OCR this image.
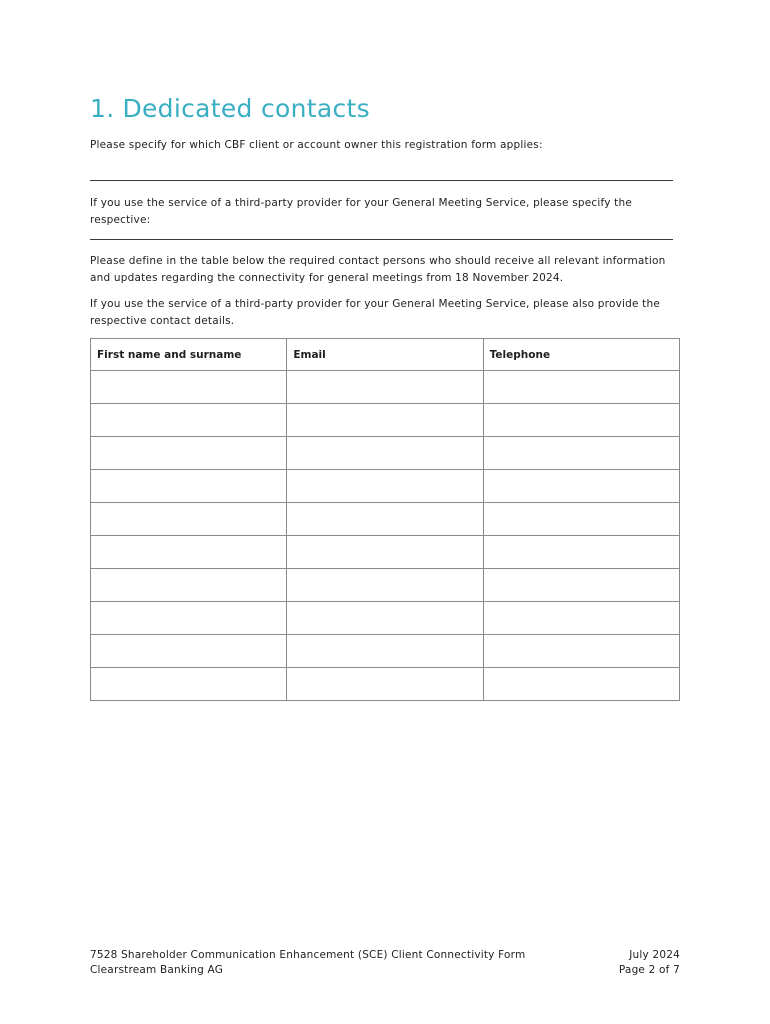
1. Dedicated contacts

Please specify for which CBF client or account owner this registration form applies:

If you use the service of a third-party provider for your General Meeting Service, please specify the respective:

Please define in the table below the required contact persons who should receive all relevant information and updates regarding the connectivity for general meetings from 18 November 2024.

If you use the service of a third-party provider for your General Meeting Service, please also provide the respective contact details.

First name and surname	Email	Telephone

7528 Shareholder Communication Enhancement (SCE) Client Connectivity Form
Clearstream Banking AG
July 2024
Page 2 of 7
